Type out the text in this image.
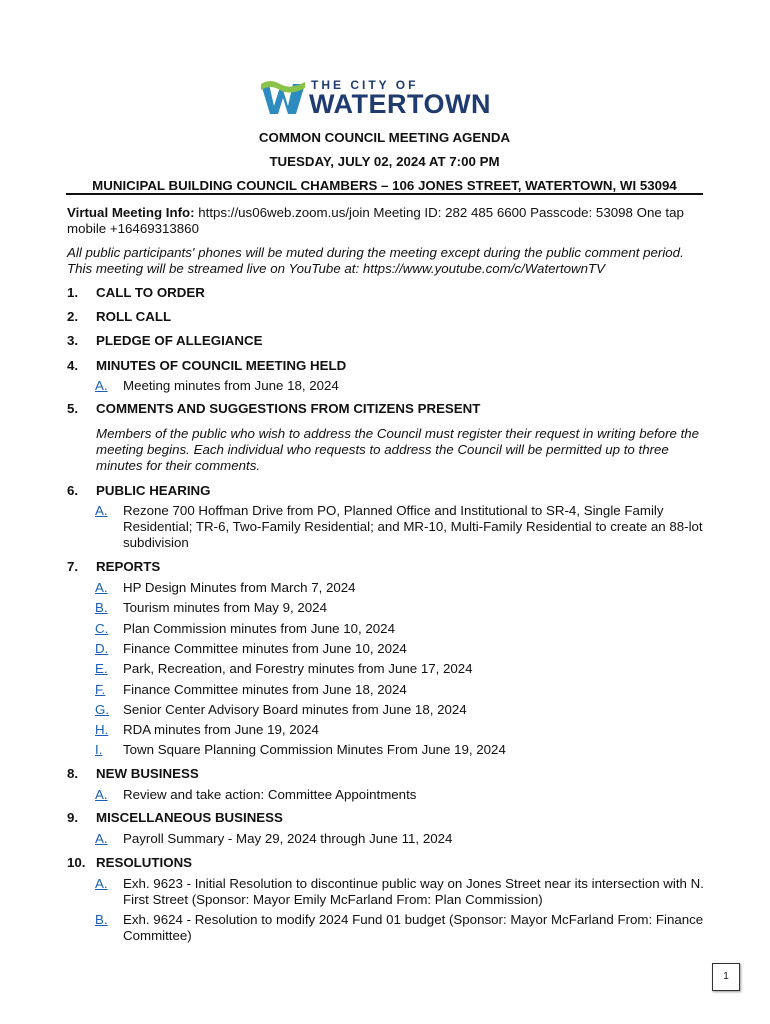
THE CITY OF
WATERTOWN
COMMON COUNCIL MEETING AGENDA
TUESDAY, JULY 02, 2024 AT 7:00 PM
MUNICIPAL BUILDING COUNCIL CHAMBERS – 106 JONES STREET, WATERTOWN, WI 53094
Virtual Meeting Info: https://us06web.zoom.us/join Meeting ID: 282 485 6600 Passcode: 53098 One tap mobile +16469313860
All public participants' phones will be muted during the meeting except during the public comment period. This meeting will be streamed live on YouTube at: https://www.youtube.com/c/WatertownTV
1. CALL TO ORDER
2. ROLL CALL
3. PLEDGE OF ALLEGIANCE
4. MINUTES OF COUNCIL MEETING HELD
A. Meeting minutes from June 18, 2024
5. COMMENTS AND SUGGESTIONS FROM CITIZENS PRESENT
Members of the public who wish to address the Council must register their request in writing before the meeting begins. Each individual who requests to address the Council will be permitted up to three minutes for their comments.
6. PUBLIC HEARING
A. Rezone 700 Hoffman Drive from PO, Planned Office and Institutional to SR-4, Single Family Residential; TR-6, Two-Family Residential; and MR-10, Multi-Family Residential to create an 88-lot subdivision
7. REPORTS
A. HP Design Minutes from March 7, 2024
B. Tourism minutes from May 9, 2024
C. Plan Commission minutes from June 10, 2024
D. Finance Committee minutes from June 10, 2024
E. Park, Recreation, and Forestry minutes from June 17, 2024
F. Finance Committee minutes from June 18, 2024
G. Senior Center Advisory Board minutes from June 18, 2024
H. RDA minutes from June 19, 2024
I. Town Square Planning Commission Minutes From June 19, 2024
8. NEW BUSINESS
A. Review and take action: Committee Appointments
9. MISCELLANEOUS BUSINESS
A. Payroll Summary - May 29, 2024 through June 11, 2024
10. RESOLUTIONS
A. Exh. 9623 - Initial Resolution to discontinue public way on Jones Street near its intersection with N. First Street (Sponsor: Mayor Emily McFarland From: Plan Commission)
B. Exh. 9624 - Resolution to modify 2024 Fund 01 budget (Sponsor: Mayor McFarland From: Finance Committee)
1
